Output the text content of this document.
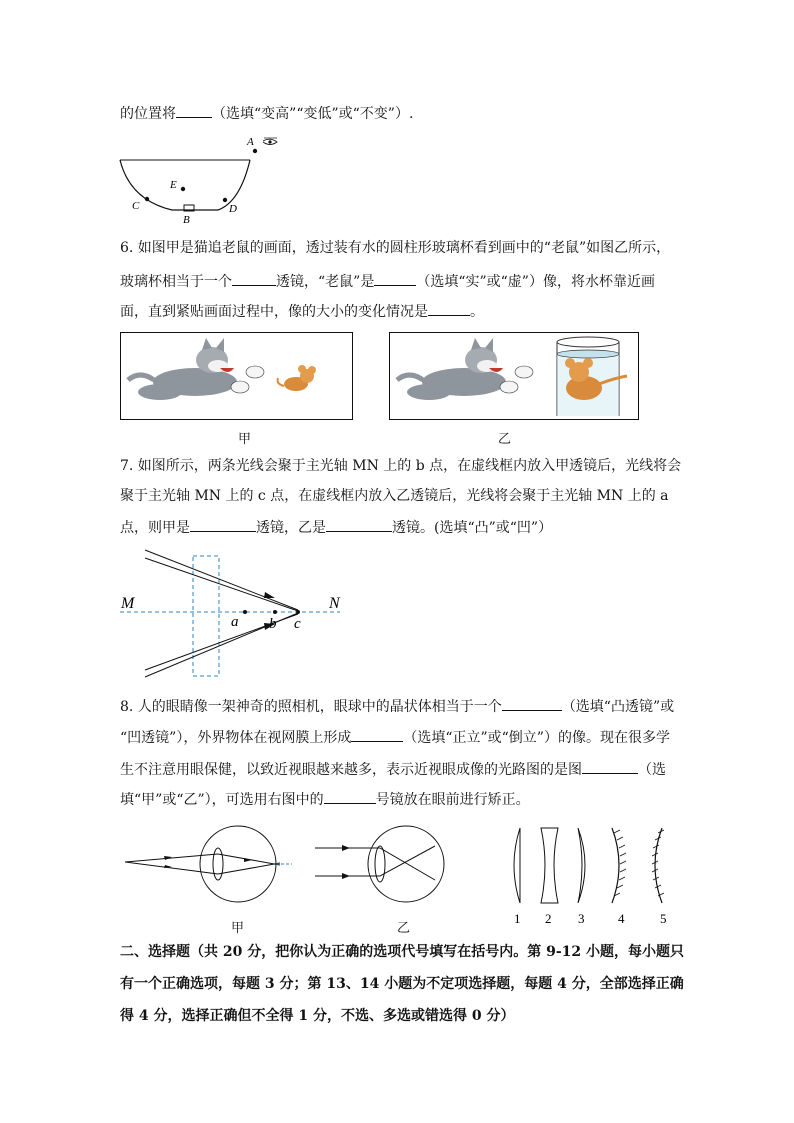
的位置将	（选填“变高”“变低”或“不变”）.
A
E
C
B
D
6. 如图甲是猫追老鼠的画面，透过装有水的圆柱形玻璃杯看到画中的“老鼠”如图乙所示，
玻璃杯相当于一个	透镜，“老鼠”是	（选填“实”或“虚”）像，将水杯靠近画
面，直到紧贴画面过程中，像的大小的变化情况是	。
甲	乙
7. 如图所示，两条光线会聚于主光轴 MN 上的 b 点，在虚线框内放入甲透镜后，光线将会
聚于主光轴 MN 上的 c 点，在虚线框内放入乙透镜后，光线将会聚于主光轴 MN 上的 a
点，则甲是	透镜，乙是	透镜。(选填“凸”或“凹”）
M	N
a b c
8. 人的眼睛像一架神奇的照相机，眼球中的晶状体相当于一个	（选填“凸透镜”或
“凹透镜”），外界物体在视网膜上形成	（选填“正立”或“倒立”）的像。现在很多学
生不注意用眼保健，以致近视眼越来越多，表示近视眼成像的光路图的是图	（选
填“甲”或“乙”），可选用右图中的	号镜放在眼前进行矫正。
甲	乙
1 2 3	4	5
二、选择题（共 20 分，把你认为正确的选项代号填写在括号内。第 9-12 小题，每小题只
有一个正确选项，每题 3 分；第 13、14 小题为不定项选择题，每题 4 分，全部选择正确
得 4 分，选择正确但不全得 1 分，不选、多选或错选得 0 分）
